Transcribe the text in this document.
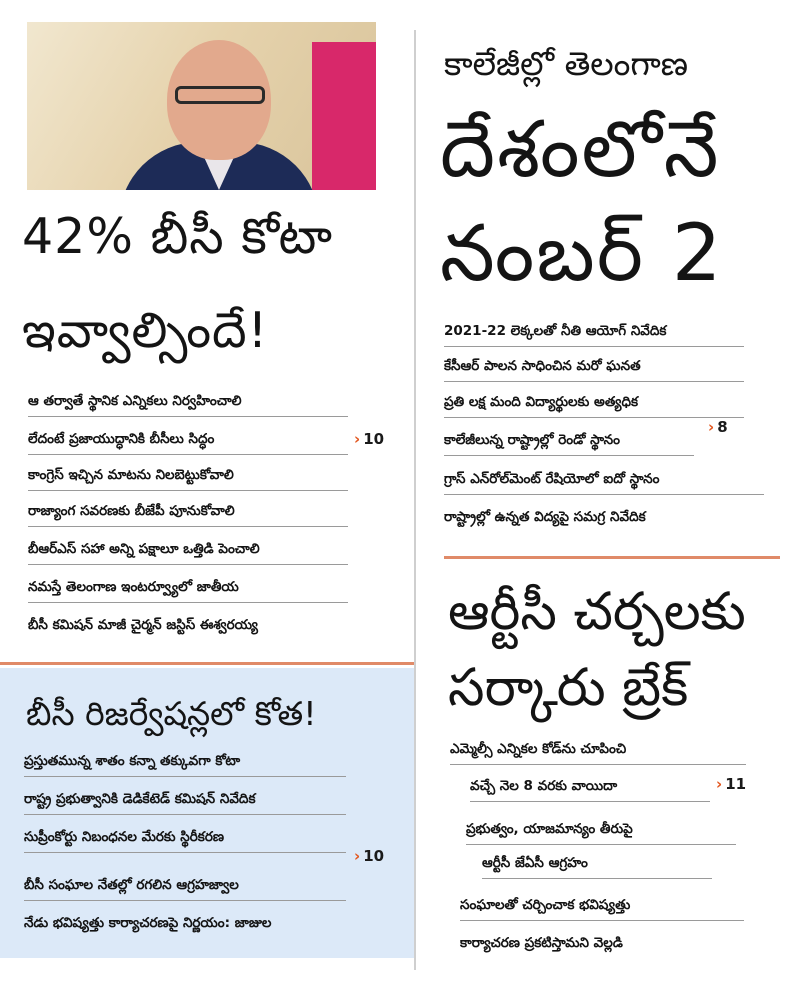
42% బీసీ కోటా
ఇవ్వాల్సిందే!
ఆ తర్వాతే స్థానిక ఎన్నికలు నిర్వహించాలి
లేదంటే ప్రజాయుద్ధానికి బీసీలు సిద్ధం	› 10
కాంగ్రెస్ ఇచ్చిన మాటను నిలబెట్టుకోవాలి
రాజ్యాంగ సవరణకు బీజేపీ పూనుకోవాలి
బీఆర్ఎస్ సహా అన్ని పక్షాలూ ఒత్తిడి పెంచాలి
నమస్తే తెలంగాణ ఇంటర్వ్యూలో జాతీయ
బీసీ కమిషన్ మాజీ చైర్మన్ జస్టిస్ ఈశ్వరయ్య
బీసీ రిజర్వేషన్లలో కోత!
ప్రస్తుతమున్న శాతం కన్నా తక్కువగా కోటా
రాష్ట్ర ప్రభుత్వానికి డెడికేటెడ్ కమిషన్ నివేదిక
సుప్రీంకోర్టు నిబంధనల మేరకు స్థిరీకరణ
› 10
బీసీ సంఘాల నేతల్లో రగలిన ఆగ్రహజ్వాల
నేడు భవిష్యత్తు కార్యాచరణపై నిర్ణయం: జాజుల
కాలేజీల్లో తెలంగాణ
దేశంలోనే
నంబర్ 2
2021-22 లెక్కలతో నీతి ఆయోగ్ నివేదిక
కేసీఆర్ పాలన సాధించిన మరో ఘనత
ప్రతి లక్ష మంది విద్యార్థులకు అత్యధిక
కాలేజీలున్న రాష్ట్రాల్లో రెండో స్థానం
› 8
గ్రాస్ ఎన్‌రోల్‌మెంట్ రేషియోలో ఐదో స్థానం
రాష్ట్రాల్లో ఉన్నత విద్యపై సమగ్ర నివేదిక
ఆర్టీసీ చర్చలకు
సర్కారు బ్రేక్
ఎమ్మెల్సీ ఎన్నికల కోడ్‌ను చూపించి
వచ్చే నెల 8 వరకు వాయిదా	› 11
ప్రభుత్వం, యాజమాన్యం తీరుపై
ఆర్టీసీ జేఏసీ ఆగ్రహం
సంఘాలతో చర్చించాక భవిష్యత్తు
కార్యాచరణ ప్రకటిస్తామని వెల్లడి
